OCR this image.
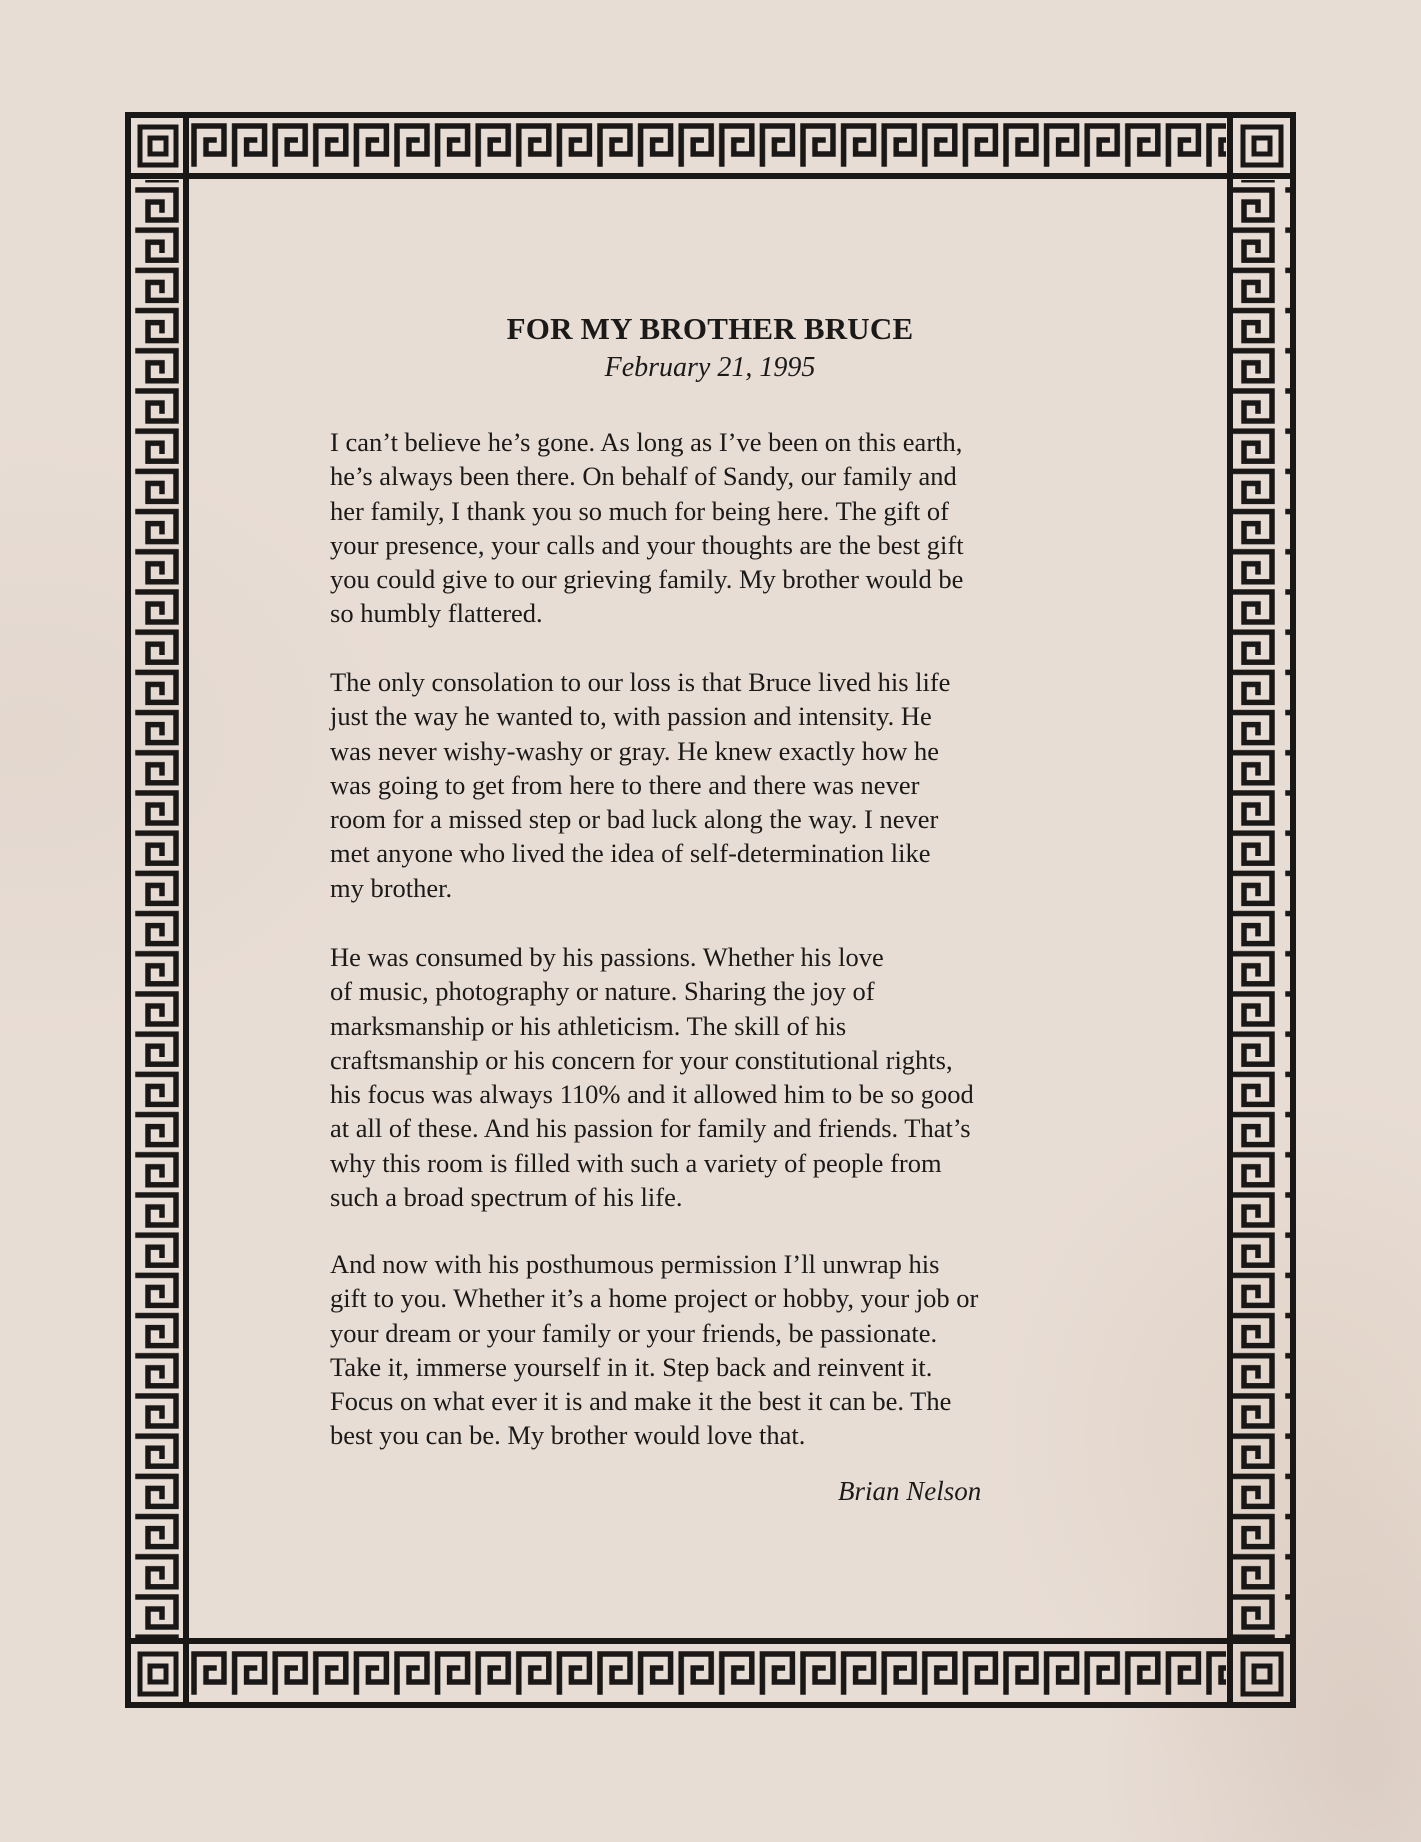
FOR MY BROTHER BRUCE

February 21, 1995

I can’t believe he’s gone. As long as I’ve been on this earth,
he’s always been there. On behalf of Sandy, our family and
her family, I thank you so much for being here. The gift of
your presence, your calls and your thoughts are the best gift
you could give to our grieving family. My brother would be
so humbly flattered.

The only consolation to our loss is that Bruce lived his life
just the way he wanted to, with passion and intensity. He
was never wishy-washy or gray. He knew exactly how he
was going to get from here to there and there was never
room for a missed step or bad luck along the way. I never
met anyone who lived the idea of self-determination like
my brother.

He was consumed by his passions. Whether his love
of music, photography or nature. Sharing the joy of
marksmanship or his athleticism. The skill of his
craftsmanship or his concern for your constitutional rights,
his focus was always 110% and it allowed him to be so good
at all of these. And his passion for family and friends. That’s
why this room is filled with such a variety of people from
such a broad spectrum of his life.

And now with his posthumous permission I’ll unwrap his
gift to you. Whether it’s a home project or hobby, your job or
your dream or your family or your friends, be passionate.
Take it, immerse yourself in it. Step back and reinvent it.
Focus on what ever it is and make it the best it can be. The
best you can be. My brother would love that.

Brian Nelson
